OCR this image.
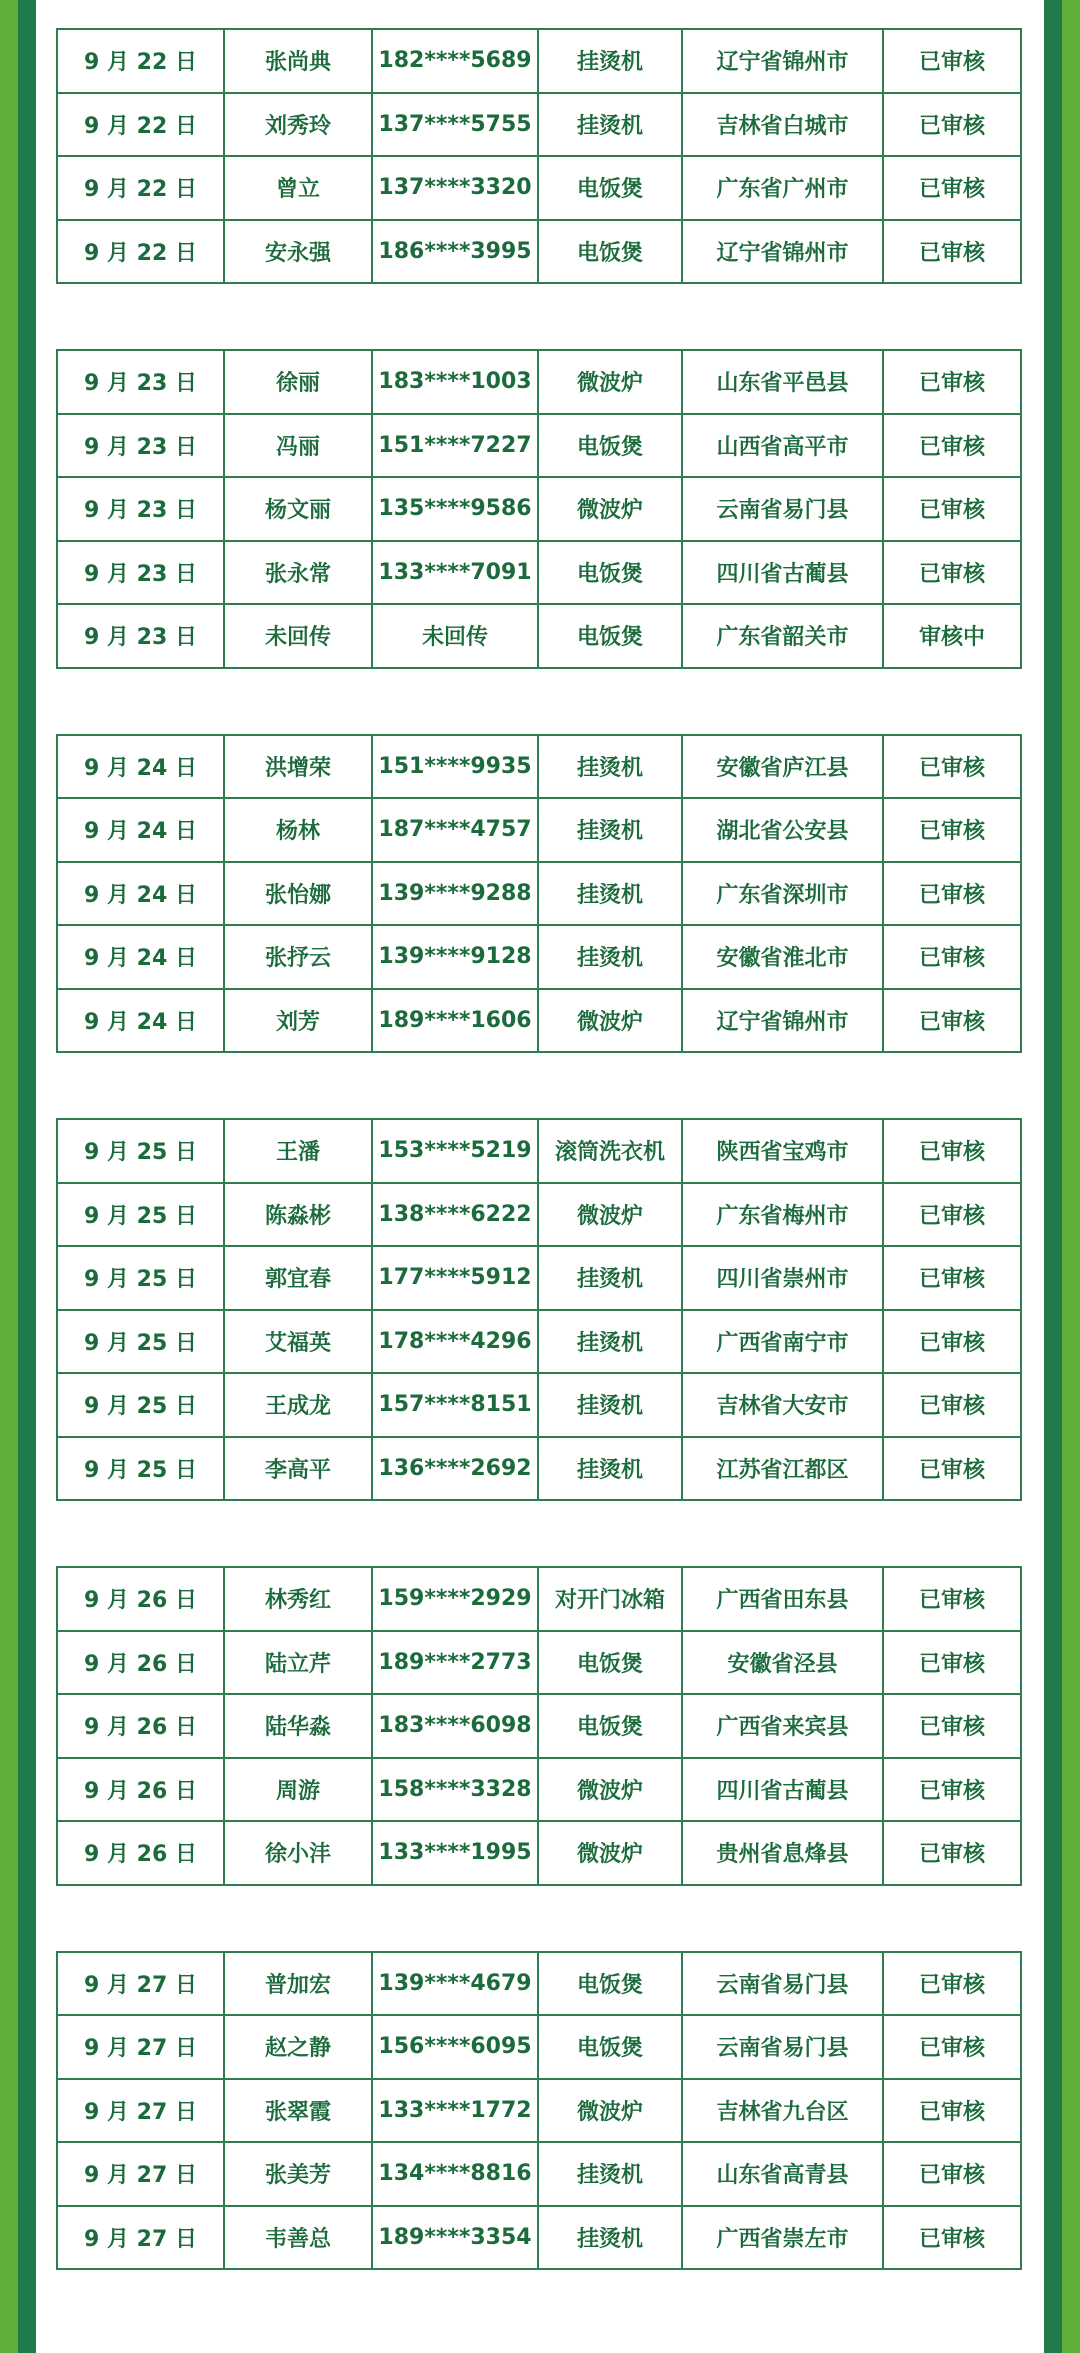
9 月 22 日	张尚典	182****5689	挂烫机	辽宁省锦州市	已审核
9 月 22 日	刘秀玲	137****5755	挂烫机	吉林省白城市	已审核
9 月 22 日	曾立	137****3320	电饭煲	广东省广州市	已审核
9 月 22 日	安永强	186****3995	电饭煲	辽宁省锦州市	已审核
9 月 23 日	徐丽	183****1003	微波炉	山东省平邑县	已审核
9 月 23 日	冯丽	151****7227	电饭煲	山西省高平市	已审核
9 月 23 日	杨文丽	135****9586	微波炉	云南省易门县	已审核
9 月 23 日	张永常	133****7091	电饭煲	四川省古蔺县	已审核
9 月 23 日	未回传	未回传	电饭煲	广东省韶关市	审核中
9 月 24 日	洪增荣	151****9935	挂烫机	安徽省庐江县	已审核
9 月 24 日	杨林	187****4757	挂烫机	湖北省公安县	已审核
9 月 24 日	张怡娜	139****9288	挂烫机	广东省深圳市	已审核
9 月 24 日	张抒云	139****9128	挂烫机	安徽省淮北市	已审核
9 月 24 日	刘芳	189****1606	微波炉	辽宁省锦州市	已审核
9 月 25 日	王潘	153****5219	滚筒洗衣机	陕西省宝鸡市	已审核
9 月 25 日	陈淼彬	138****6222	微波炉	广东省梅州市	已审核
9 月 25 日	郭宜春	177****5912	挂烫机	四川省崇州市	已审核
9 月 25 日	艾福英	178****4296	挂烫机	广西省南宁市	已审核
9 月 25 日	王成龙	157****8151	挂烫机	吉林省大安市	已审核
9 月 25 日	李高平	136****2692	挂烫机	江苏省江都区	已审核
9 月 26 日	林秀红	159****2929	对开门冰箱	广西省田东县	已审核
9 月 26 日	陆立芹	189****2773	电饭煲	安徽省泾县	已审核
9 月 26 日	陆华淼	183****6098	电饭煲	广西省来宾县	已审核
9 月 26 日	周游	158****3328	微波炉	四川省古蔺县	已审核
9 月 26 日	徐小沣	133****1995	微波炉	贵州省息烽县	已审核
9 月 27 日	普加宏	139****4679	电饭煲	云南省易门县	已审核
9 月 27 日	赵之静	156****6095	电饭煲	云南省易门县	已审核
9 月 27 日	张翠霞	133****1772	微波炉	吉林省九台区	已审核
9 月 27 日	张美芳	134****8816	挂烫机	山东省高青县	已审核
9 月 27 日	韦善总	189****3354	挂烫机	广西省崇左市	已审核
